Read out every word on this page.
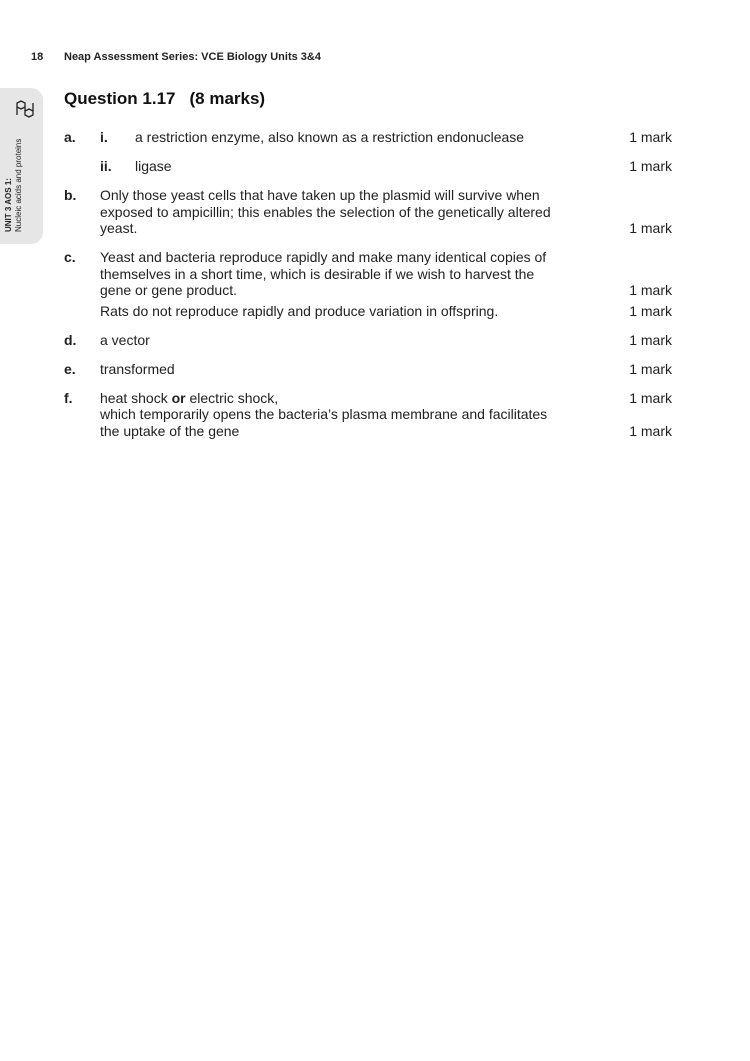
18 Neap Assessment Series: VCE Biology Units 3&4
UNIT 3 AOS 1: Nucleic acids and proteins
Question 1.17 (8 marks)
a. i. a restriction enzyme, also known as a restriction endonuclease	1 mark
ii. ligase	1 mark
b. Only those yeast cells that have taken up the plasmid will survive when exposed to ampicillin; this enables the selection of the genetically altered yeast.	1 mark
c. Yeast and bacteria reproduce rapidly and make many identical copies of themselves in a short time, which is desirable if we wish to harvest the gene or gene product.	1 mark
Rats do not reproduce rapidly and produce variation in offspring.	1 mark
d. a vector	1 mark
e. transformed	1 mark
f. heat shock or electric shock,	1 mark
which temporarily opens the bacteria’s plasma membrane and facilitates the uptake of the gene	1 mark
